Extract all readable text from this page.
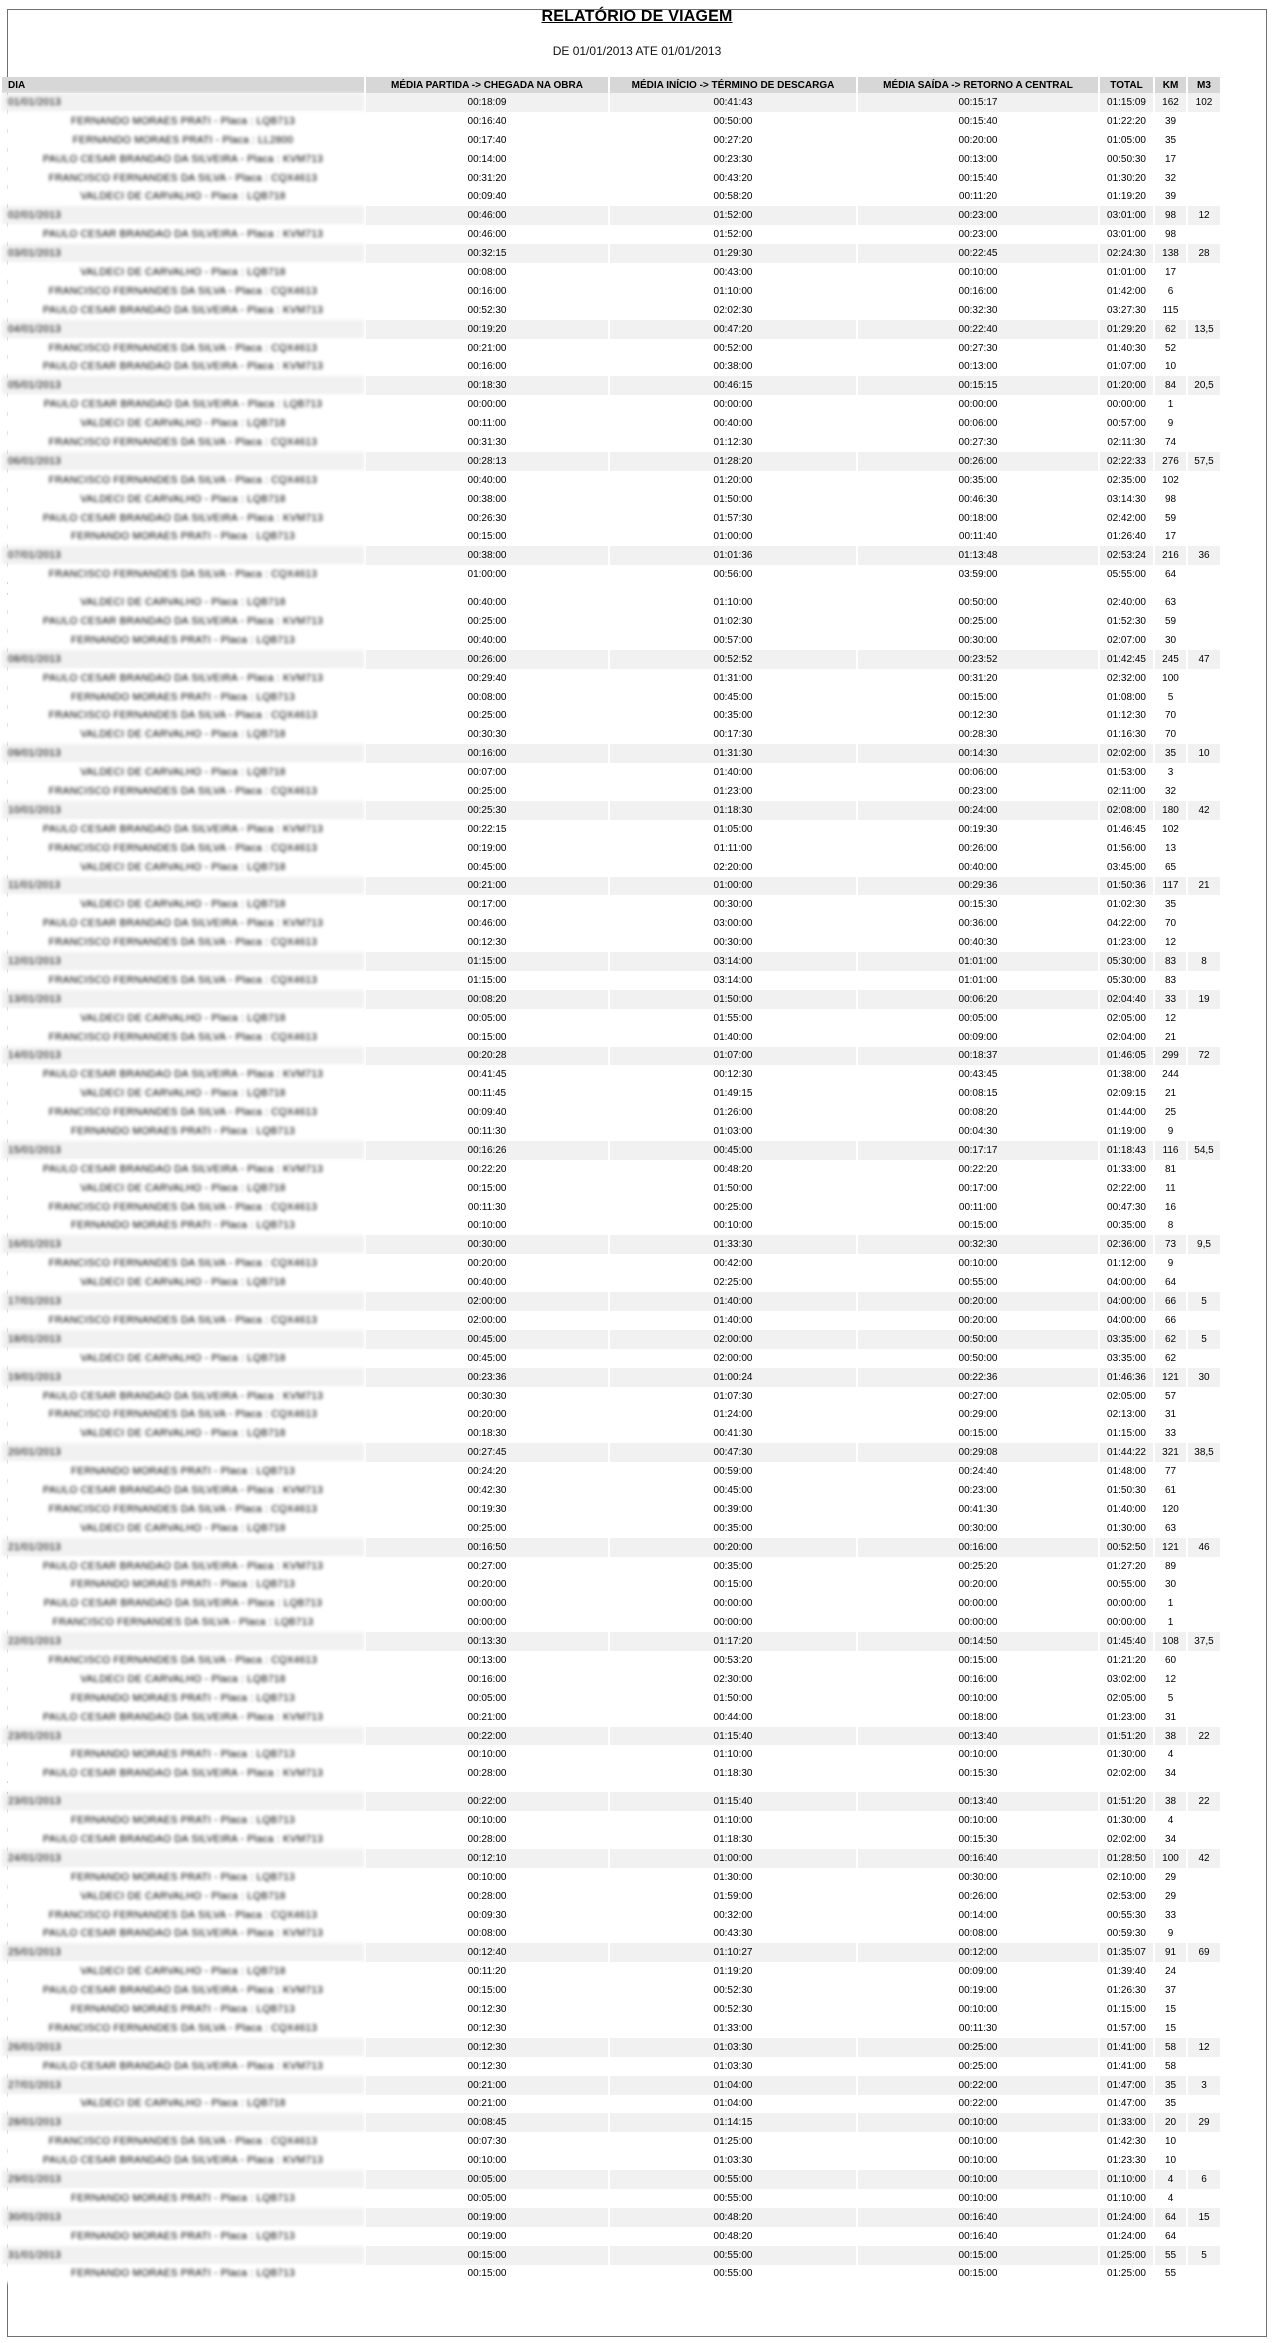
RELATÓRIO DE VIAGEM
DE 01/01/2013 ATE 01/01/2013
DIA	MÉDIA PARTIDA -> CHEGADA NA OBRA	MÉDIA INÍCIO -> TÉRMINO DE DESCARGA	MÉDIA SAÍDA -> RETORNO A CENTRAL	TOTAL	KM	M3
01/01/2013	00:18:09	00:41:43	00:15:17	01:15:09	162	102
FERNANDO MORAES PRATI - Placa : LQB713	00:16:40	00:50:00	00:15:40	01:22:20	39	
FERNANDO MORAES PRATI - Placa : LL2800	00:17:40	00:27:20	00:20:00	01:05:00	35	
PAULO CESAR BRANDAO DA SILVEIRA - Placa : KVM713	00:14:00	00:23:30	00:13:00	00:50:30	17	
FRANCISCO FERNANDES DA SILVA - Placa : CQX4613	00:31:20	00:43:20	00:15:40	01:30:20	32	
VALDECI DE CARVALHO - Placa : LQB718	00:09:40	00:58:20	00:11:20	01:19:20	39	
02/01/2013	00:46:00	01:52:00	00:23:00	03:01:00	98	12
PAULO CESAR BRANDAO DA SILVEIRA - Placa : KVM713	00:46:00	01:52:00	00:23:00	03:01:00	98	
03/01/2013	00:32:15	01:29:30	00:22:45	02:24:30	138	28
VALDECI DE CARVALHO - Placa : LQB718	00:08:00	00:43:00	00:10:00	01:01:00	17	
FRANCISCO FERNANDES DA SILVA - Placa : CQX4613	00:16:00	01:10:00	00:16:00	01:42:00	6	
PAULO CESAR BRANDAO DA SILVEIRA - Placa : KVM713	00:52:30	02:02:30	00:32:30	03:27:30	115	
04/01/2013	00:19:20	00:47:20	00:22:40	01:29:20	62	13,5
FRANCISCO FERNANDES DA SILVA - Placa : CQX4613	00:21:00	00:52:00	00:27:30	01:40:30	52	
PAULO CESAR BRANDAO DA SILVEIRA - Placa : KVM713	00:16:00	00:38:00	00:13:00	01:07:00	10	
05/01/2013	00:18:30	00:46:15	00:15:15	01:20:00	84	20,5
PAULO CESAR BRANDAO DA SILVEIRA - Placa : LQB713	00:00:00	00:00:00	00:00:00	00:00:00	1	
VALDECI DE CARVALHO - Placa : LQB718	00:11:00	00:40:00	00:06:00	00:57:00	9	
FRANCISCO FERNANDES DA SILVA - Placa : CQX4613	00:31:30	01:12:30	00:27:30	02:11:30	74	
06/01/2013	00:28:13	01:28:20	00:26:00	02:22:33	276	57,5
FRANCISCO FERNANDES DA SILVA - Placa : CQX4613	00:40:00	01:20:00	00:35:00	02:35:00	102	
VALDECI DE CARVALHO - Placa : LQB718	00:38:00	01:50:00	00:46:30	03:14:30	98	
PAULO CESAR BRANDAO DA SILVEIRA - Placa : KVM713	00:26:30	01:57:30	00:18:00	02:42:00	59	
FERNANDO MORAES PRATI - Placa : LQB713	00:15:00	01:00:00	00:11:40	01:26:40	17	
07/01/2013	00:38:00	01:01:36	01:13:48	02:53:24	216	36
FRANCISCO FERNANDES DA SILVA - Placa : CQX4613	01:00:00	00:56:00	03:59:00	05:55:00	64	

VALDECI DE CARVALHO - Placa : LQB718	00:40:00	01:10:00	00:50:00	02:40:00	63	
PAULO CESAR BRANDAO DA SILVEIRA - Placa : KVM713	00:25:00	01:02:30	00:25:00	01:52:30	59	
FERNANDO MORAES PRATI - Placa : LQB713	00:40:00	00:57:00	00:30:00	02:07:00	30	
08/01/2013	00:26:00	00:52:52	00:23:52	01:42:45	245	47
PAULO CESAR BRANDAO DA SILVEIRA - Placa : KVM713	00:29:40	01:31:00	00:31:20	02:32:00	100	
FERNANDO MORAES PRATI - Placa : LQB713	00:08:00	00:45:00	00:15:00	01:08:00	5	
FRANCISCO FERNANDES DA SILVA - Placa : CQX4613	00:25:00	00:35:00	00:12:30	01:12:30	70	
VALDECI DE CARVALHO - Placa : LQB718	00:30:30	00:17:30	00:28:30	01:16:30	70	
09/01/2013	00:16:00	01:31:30	00:14:30	02:02:00	35	10
VALDECI DE CARVALHO - Placa : LQB718	00:07:00	01:40:00	00:06:00	01:53:00	3	
FRANCISCO FERNANDES DA SILVA - Placa : CQX4613	00:25:00	01:23:00	00:23:00	02:11:00	32	
10/01/2013	00:25:30	01:18:30	00:24:00	02:08:00	180	42
PAULO CESAR BRANDAO DA SILVEIRA - Placa : KVM713	00:22:15	01:05:00	00:19:30	01:46:45	102	
FRANCISCO FERNANDES DA SILVA - Placa : CQX4613	00:19:00	01:11:00	00:26:00	01:56:00	13	
VALDECI DE CARVALHO - Placa : LQB718	00:45:00	02:20:00	00:40:00	03:45:00	65	
11/01/2013	00:21:00	01:00:00	00:29:36	01:50:36	117	21
VALDECI DE CARVALHO - Placa : LQB718	00:17:00	00:30:00	00:15:30	01:02:30	35	
PAULO CESAR BRANDAO DA SILVEIRA - Placa : KVM713	00:46:00	03:00:00	00:36:00	04:22:00	70	
FRANCISCO FERNANDES DA SILVA - Placa : CQX4613	00:12:30	00:30:00	00:40:30	01:23:00	12	
12/01/2013	01:15:00	03:14:00	01:01:00	05:30:00	83	8
FRANCISCO FERNANDES DA SILVA - Placa : CQX4613	01:15:00	03:14:00	01:01:00	05:30:00	83	
13/01/2013	00:08:20	01:50:00	00:06:20	02:04:40	33	19
VALDECI DE CARVALHO - Placa : LQB718	00:05:00	01:55:00	00:05:00	02:05:00	12	
FRANCISCO FERNANDES DA SILVA - Placa : CQX4613	00:15:00	01:40:00	00:09:00	02:04:00	21	
14/01/2013	00:20:28	01:07:00	00:18:37	01:46:05	299	72
PAULO CESAR BRANDAO DA SILVEIRA - Placa : KVM713	00:41:45	00:12:30	00:43:45	01:38:00	244	
VALDECI DE CARVALHO - Placa : LQB718	00:11:45	01:49:15	00:08:15	02:09:15	21	
FRANCISCO FERNANDES DA SILVA - Placa : CQX4613	00:09:40	01:26:00	00:08:20	01:44:00	25	
FERNANDO MORAES PRATI - Placa : LQB713	00:11:30	01:03:00	00:04:30	01:19:00	9	
15/01/2013	00:16:26	00:45:00	00:17:17	01:18:43	116	54,5
PAULO CESAR BRANDAO DA SILVEIRA - Placa : KVM713	00:22:20	00:48:20	00:22:20	01:33:00	81	
VALDECI DE CARVALHO - Placa : LQB718	00:15:00	01:50:00	00:17:00	02:22:00	11	
FRANCISCO FERNANDES DA SILVA - Placa : CQX4613	00:11:30	00:25:00	00:11:00	00:47:30	16	
FERNANDO MORAES PRATI - Placa : LQB713	00:10:00	00:10:00	00:15:00	00:35:00	8	
16/01/2013	00:30:00	01:33:30	00:32:30	02:36:00	73	9,5
FRANCISCO FERNANDES DA SILVA - Placa : CQX4613	00:20:00	00:42:00	00:10:00	01:12:00	9	
VALDECI DE CARVALHO - Placa : LQB718	00:40:00	02:25:00	00:55:00	04:00:00	64	
17/01/2013	02:00:00	01:40:00	00:20:00	04:00:00	66	5
FRANCISCO FERNANDES DA SILVA - Placa : CQX4613	02:00:00	01:40:00	00:20:00	04:00:00	66	
18/01/2013	00:45:00	02:00:00	00:50:00	03:35:00	62	5
VALDECI DE CARVALHO - Placa : LQB718	00:45:00	02:00:00	00:50:00	03:35:00	62	
19/01/2013	00:23:36	01:00:24	00:22:36	01:46:36	121	30
PAULO CESAR BRANDAO DA SILVEIRA - Placa : KVM713	00:30:30	01:07:30	00:27:00	02:05:00	57	
FRANCISCO FERNANDES DA SILVA - Placa : CQX4613	00:20:00	01:24:00	00:29:00	02:13:00	31	
VALDECI DE CARVALHO - Placa : LQB718	00:18:30	00:41:30	00:15:00	01:15:00	33	
20/01/2013	00:27:45	00:47:30	00:29:08	01:44:22	321	38,5
FERNANDO MORAES PRATI - Placa : LQB713	00:24:20	00:59:00	00:24:40	01:48:00	77	
PAULO CESAR BRANDAO DA SILVEIRA - Placa : KVM713	00:42:30	00:45:00	00:23:00	01:50:30	61	
FRANCISCO FERNANDES DA SILVA - Placa : CQX4613	00:19:30	00:39:00	00:41:30	01:40:00	120	
VALDECI DE CARVALHO - Placa : LQB718	00:25:00	00:35:00	00:30:00	01:30:00	63	
21/01/2013	00:16:50	00:20:00	00:16:00	00:52:50	121	46
PAULO CESAR BRANDAO DA SILVEIRA - Placa : KVM713	00:27:00	00:35:00	00:25:20	01:27:20	89	
FERNANDO MORAES PRATI - Placa : LQB713	00:20:00	00:15:00	00:20:00	00:55:00	30	
PAULO CESAR BRANDAO DA SILVEIRA - Placa : LQB713	00:00:00	00:00:00	00:00:00	00:00:00	1	
FRANCISCO FERNANDES DA SILVA - Placa : LQB713	00:00:00	00:00:00	00:00:00	00:00:00	1	
22/01/2013	00:13:30	01:17:20	00:14:50	01:45:40	108	37,5
FRANCISCO FERNANDES DA SILVA - Placa : CQX4613	00:13:00	00:53:20	00:15:00	01:21:20	60	
VALDECI DE CARVALHO - Placa : LQB718	00:16:00	02:30:00	00:16:00	03:02:00	12	
FERNANDO MORAES PRATI - Placa : LQB713	00:05:00	01:50:00	00:10:00	02:05:00	5	
PAULO CESAR BRANDAO DA SILVEIRA - Placa : KVM713	00:21:00	00:44:00	00:18:00	01:23:00	31	
23/01/2013	00:22:00	01:15:40	00:13:40	01:51:20	38	22
FERNANDO MORAES PRATI - Placa : LQB713	00:10:00	01:10:00	00:10:00	01:30:00	4	
PAULO CESAR BRANDAO DA SILVEIRA - Placa : KVM713	00:28:00	01:18:30	00:15:30	02:02:00	34	

23/01/2013	00:22:00	01:15:40	00:13:40	01:51:20	38	22
FERNANDO MORAES PRATI - Placa : LQB713	00:10:00	01:10:00	00:10:00	01:30:00	4	
PAULO CESAR BRANDAO DA SILVEIRA - Placa : KVM713	00:28:00	01:18:30	00:15:30	02:02:00	34	
24/01/2013	00:12:10	01:00:00	00:16:40	01:28:50	100	42
FERNANDO MORAES PRATI - Placa : LQB713	00:10:00	01:30:00	00:30:00	02:10:00	29	
VALDECI DE CARVALHO - Placa : LQB718	00:28:00	01:59:00	00:26:00	02:53:00	29	
FRANCISCO FERNANDES DA SILVA - Placa : CQX4613	00:09:30	00:32:00	00:14:00	00:55:30	33	
PAULO CESAR BRANDAO DA SILVEIRA - Placa : KVM713	00:08:00	00:43:30	00:08:00	00:59:30	9	
25/01/2013	00:12:40	01:10:27	00:12:00	01:35:07	91	69
VALDECI DE CARVALHO - Placa : LQB718	00:11:20	01:19:20	00:09:00	01:39:40	24	
PAULO CESAR BRANDAO DA SILVEIRA - Placa : KVM713	00:15:00	00:52:30	00:19:00	01:26:30	37	
FERNANDO MORAES PRATI - Placa : LQB713	00:12:30	00:52:30	00:10:00	01:15:00	15	
FRANCISCO FERNANDES DA SILVA - Placa : CQX4613	00:12:30	01:33:00	00:11:30	01:57:00	15	
26/01/2013	00:12:30	01:03:30	00:25:00	01:41:00	58	12
PAULO CESAR BRANDAO DA SILVEIRA - Placa : KVM713	00:12:30	01:03:30	00:25:00	01:41:00	58	
27/01/2013	00:21:00	01:04:00	00:22:00	01:47:00	35	3
VALDECI DE CARVALHO - Placa : LQB718	00:21:00	01:04:00	00:22:00	01:47:00	35	
28/01/2013	00:08:45	01:14:15	00:10:00	01:33:00	20	29
FRANCISCO FERNANDES DA SILVA - Placa : CQX4613	00:07:30	01:25:00	00:10:00	01:42:30	10	
PAULO CESAR BRANDAO DA SILVEIRA - Placa : KVM713	00:10:00	01:03:30	00:10:00	01:23:30	10	
29/01/2013	00:05:00	00:55:00	00:10:00	01:10:00	4	6
FERNANDO MORAES PRATI - Placa : LQB713	00:05:00	00:55:00	00:10:00	01:10:00	4	
30/01/2013	00:19:00	00:48:20	00:16:40	01:24:00	64	15
FERNANDO MORAES PRATI - Placa : LQB713	00:19:00	00:48:20	00:16:40	01:24:00	64	
31/01/2013	00:15:00	00:55:00	00:15:00	01:25:00	55	5
FERNANDO MORAES PRATI - Placa : LQB713	00:15:00	00:55:00	00:15:00	01:25:00	55	
